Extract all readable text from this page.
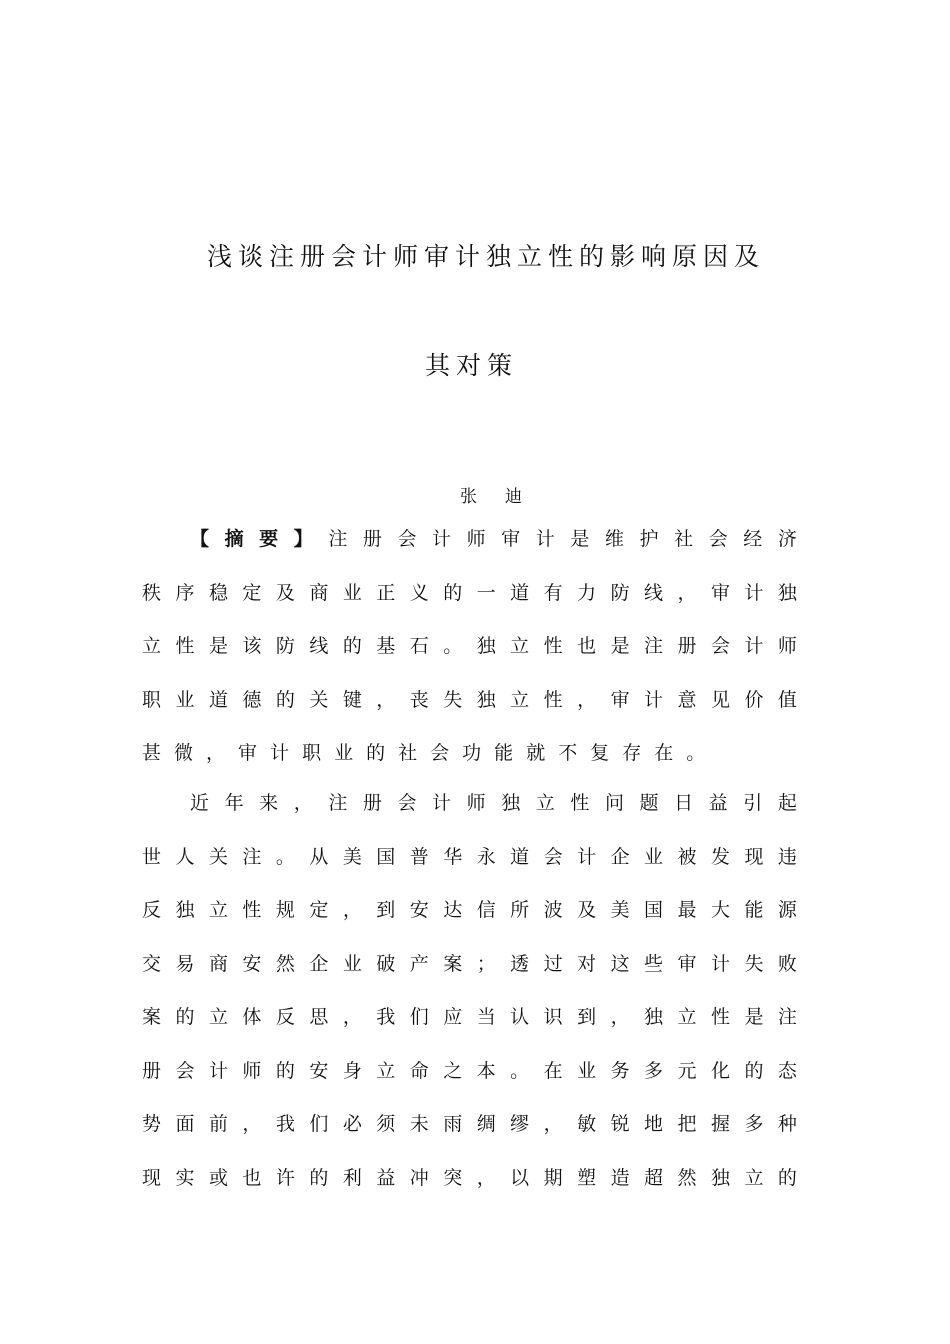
浅谈注册会计师审计独立性的影响原因及
其对策
张迪
【 摘 要 】 注 册 会 计 师 审 计 是 维 护 社 会 经 济
秩 序 稳 定 及 商 业 正 义 的 一 道 有 力 防 线 ， 审 计 独
立 性 是 该 防 线 的 基 石 。 独 立 性 也 是 注 册 会 计 师
职 业 道 德 的 关 键 ， 丧 失 独 立 性 ， 审 计 意 见 价 值
甚 微 ， 审 计 职 业 的 社 会 功 能 就 不 复 存 在 。
近 年 来 ， 注 册 会 计 师 独 立 性 问 题 日 益 引 起
世 人 关 注 。 从 美 国 普 华 永 道 会 计 企 业 被 发 现 违
反 独 立 性 规 定 ， 到 安 达 信 所 波 及 美 国 最 大 能 源
交 易 商 安 然 企 业 破 产 案 ； 透 过 对 这 些 审 计 失 败
案 的 立 体 反 思 ， 我 们 应 当 认 识 到 ， 独 立 性 是 注
册 会 计 师 的 安 身 立 命 之 本 。 在 业 务 多 元 化 的 态
势 面 前 ， 我 们 必 须 未 雨 绸 缪 ， 敏 锐 地 把 握 多 种
现 实 或 也 许 的 利 益 冲 突 ， 以 期 塑 造 超 然 独 立 的
